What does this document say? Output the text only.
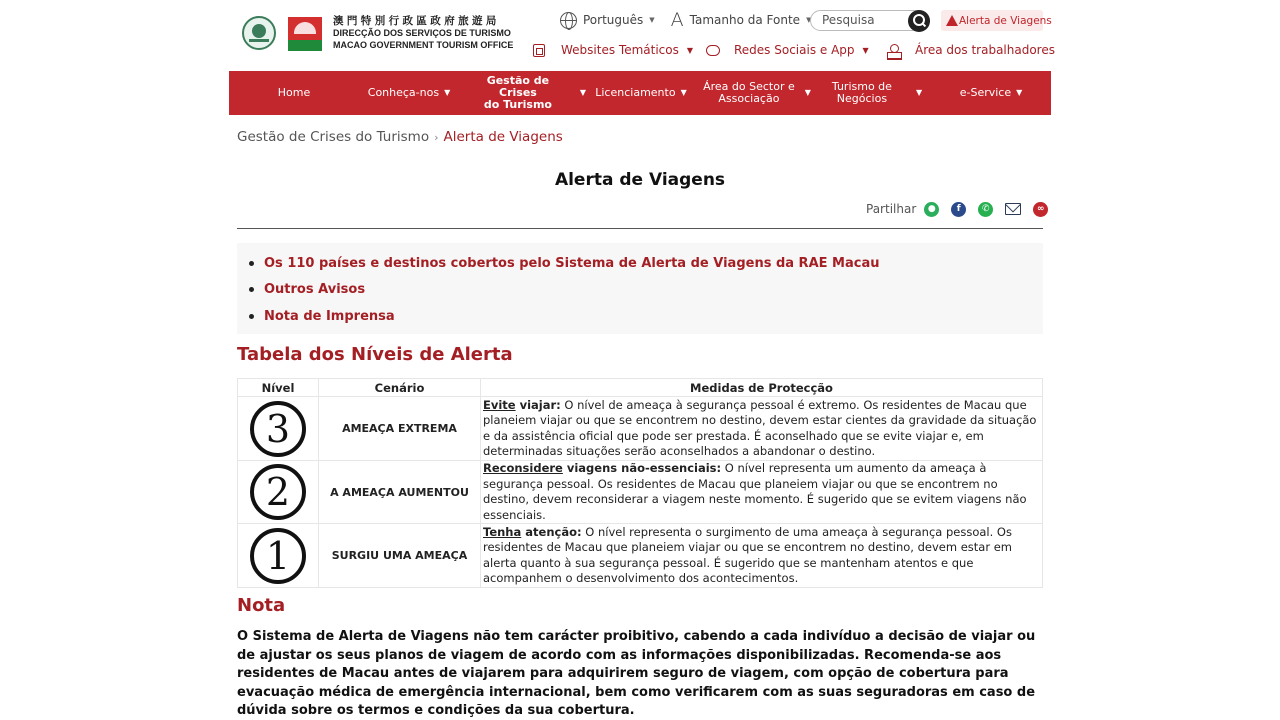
澳門特別行政區政府旅遊局
DIRECÇÃO DOS SERVIÇOS DE TURISMO
MACAO GOVERNMENT TOURISM OFFICE
Português ▼ A Tamanho da Fonte ▼
Pesquisa	Alerta de Viagens
Websites Temáticos ▼	Redes Sociais e App ▼	Área dos trabalhadores
Home	Conheça-nos ▼
Gestão de Crises
do Turismo
▼ Licenciamento ▼ Área do Sector e
Associação	▼ Turismo de
Negócios	▼	e-Service ▼
Gestão de Crises do Turismo › Alerta de Viagens
Alerta de Viagens
Partilhar	●	f	✆	∞
Os 110 países e destinos cobertos pelo Sistema de Alerta de Viagens da RAE Macau
Outros Avisos
Nota de Imprensa
Tabela dos Níveis de Alerta
Nível	Cenário	Medidas de Protecção

3	AMEAÇA EXTREMA	Evite viajar: O nível de ameaça à segurança pessoal é extremo. Os residentes de Macau que planeiem viajar ou que se encontrem no destino, devem estar cientes da gravidade da situação e da assistência oficial que pode ser prestada. É aconselhado que se evite viajar e, em determinadas situações serão aconselhados a abandonar o destino.

2	A AMEAÇA AUMENTOU	Reconsidere viagens não-essenciais: O nível representa um aumento da ameaça à segurança pessoal. Os residentes de Macau que planeiem viajar ou que se encontrem no destino, devem reconsiderar a viagem neste momento. É sugerido que se evitem viagens não essenciais.

1	SURGIU UMA AMEAÇA	Tenha atenção: O nível representa o surgimento de uma ameaça à segurança pessoal. Os residentes de Macau que planeiem viajar ou que se encontrem no destino, devem estar em alerta quanto à sua segurança pessoal. É sugerido que se mantenham atentos e que acompanhem o desenvolvimento dos acontecimentos.
Nota
O Sistema de Alerta de Viagens não tem carácter proibitivo, cabendo a cada indivíduo a decisão de viajar ou de ajustar os seus planos de viagem de acordo com as informações disponibilizadas. Recomenda-se aos residentes de Macau antes de viajarem para adquirirem seguro de viagem, com opção de cobertura para evacuação médica de emergência internacional, bem como verificarem com as suas seguradoras em caso de dúvida sobre os termos e condições da sua cobertura.
